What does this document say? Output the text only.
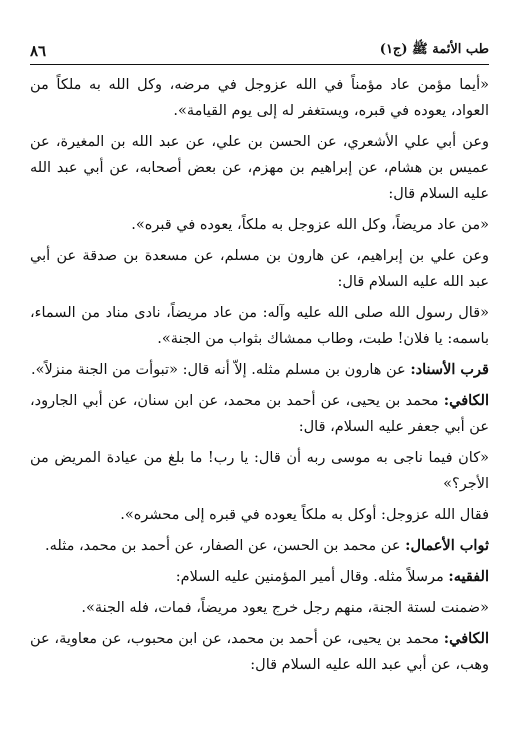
طب الأئمة ﷺ (ج١)
٨٦

«أيما مؤمن عاد مؤمناً في الله عزوجل في مرضه، وكل الله به ملكاً من العواد، يعوده في قبره، ويستغفر له إلى يوم القيامة».

وعن أبي علي الأشعري، عن الحسن بن علي، عن عبد الله بن المغيرة، عن عميس بن هشام، عن إبراهيم بن مهزم، عن بعض أصحابه، عن أبي عبد الله عليه السلام قال:

«من عاد مريضاً، وكل الله عزوجل به ملكاً، يعوده في قبره».

وعن علي بن إبراهيم، عن هارون بن مسلم، عن مسعدة بن صدقة عن أبي عبد الله عليه السلام قال:

«قال رسول الله صلى الله عليه وآله: من عاد مريضاً، نادى مناد من السماء، باسمه: يا فلان! طبت، وطاب ممشاك بثواب من الجنة».

قرب الأسناد: عن هارون بن مسلم مثله. إلاّ أنه قال: «تبوأت من الجنة منزلاً».

الكافي: محمد بن يحيى، عن أحمد بن محمد، عن ابن سنان، عن أبي الجارود، عن أبي جعفر عليه السلام، قال:

«كان فيما ناجى به موسى ربه أن قال: يا رب! ما بلغ من عيادة المريض من الأجر؟»

فقال الله عزوجل: أوكل به ملكاً يعوده في قبره إلى محشره».

ثواب الأعمال: عن محمد بن الحسن، عن الصفار، عن أحمد بن محمد، مثله.

الفقيه: مرسلاً مثله. وقال أمير المؤمنين عليه السلام:

«ضمنت لستة الجنة، منهم رجل خرج يعود مريضاً، فمات، فله الجنة».

الكافي: محمد بن يحيى، عن أحمد بن محمد، عن ابن محبوب، عن معاوية، عن وهب، عن أبي عبد الله عليه السلام قال:
